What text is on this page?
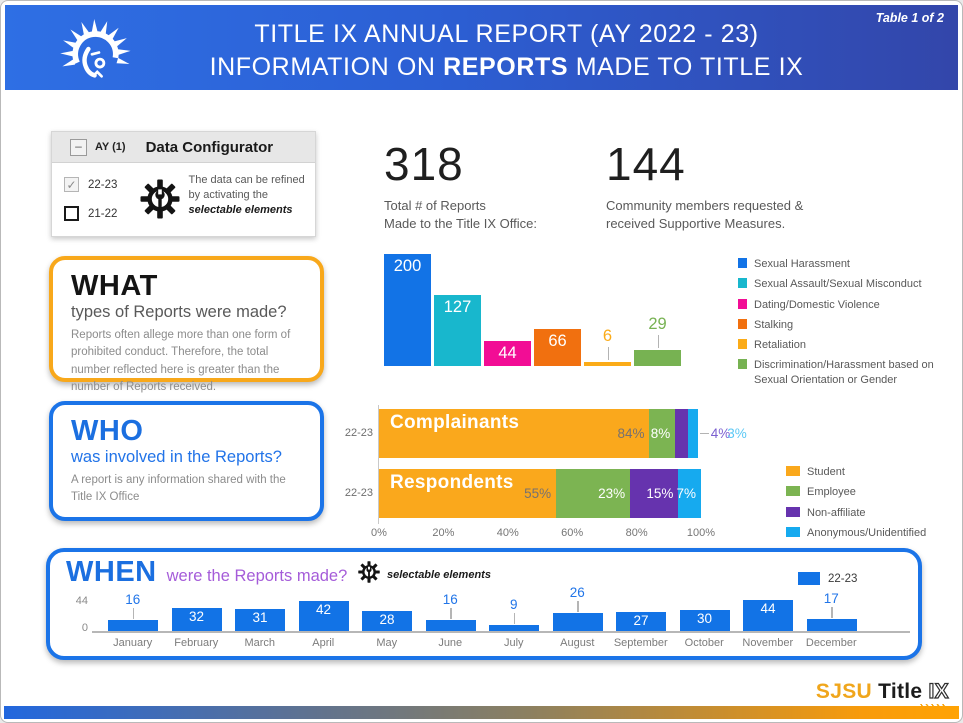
Table 1 of 2
TITLE IX ANNUAL REPORT (AY 2022 - 23)
INFORMATION ON REPORTS MADE TO TITLE IX
–	AY (1) Data Configurator
✓ 22-23
21-22
The data can be refined by activating the selectable elements
318
Total # of Reports
Made to the Title IX Office:
144
Community members requested &
received Supportive Measures.
WHAT
types of Reports were made?
Reports often allege more than one form of prohibited conduct. Therefore, the total number reflected here is greater than the number of Reports received.
200
127
44
66	6
29
Sexual Harassment
Sexual Assault/Sexual Misconduct
Dating/Domestic Violence
Stalking
Retaliation
Discrimination/Harassment based on Sexual Orientation or Gender
WHO
was involved in the Reports?
A report is any information shared with the Title IX Office
22-23	84% 8%
Complainants
4%
3%
22-23	55%	23% 15% 7%
Respondents
0%	20%	40%	60%	80%	100%
Student
Employee
Non-affiliate
Anonymous/Unidentified
WHEN were the Reports made?	selectable elements	22-23
44
0
16
32	31
42
28
16	9
26
27	30
44
17
January	February	March	April	May	June	July	August	September	October	November	December
SJSU Title IX
